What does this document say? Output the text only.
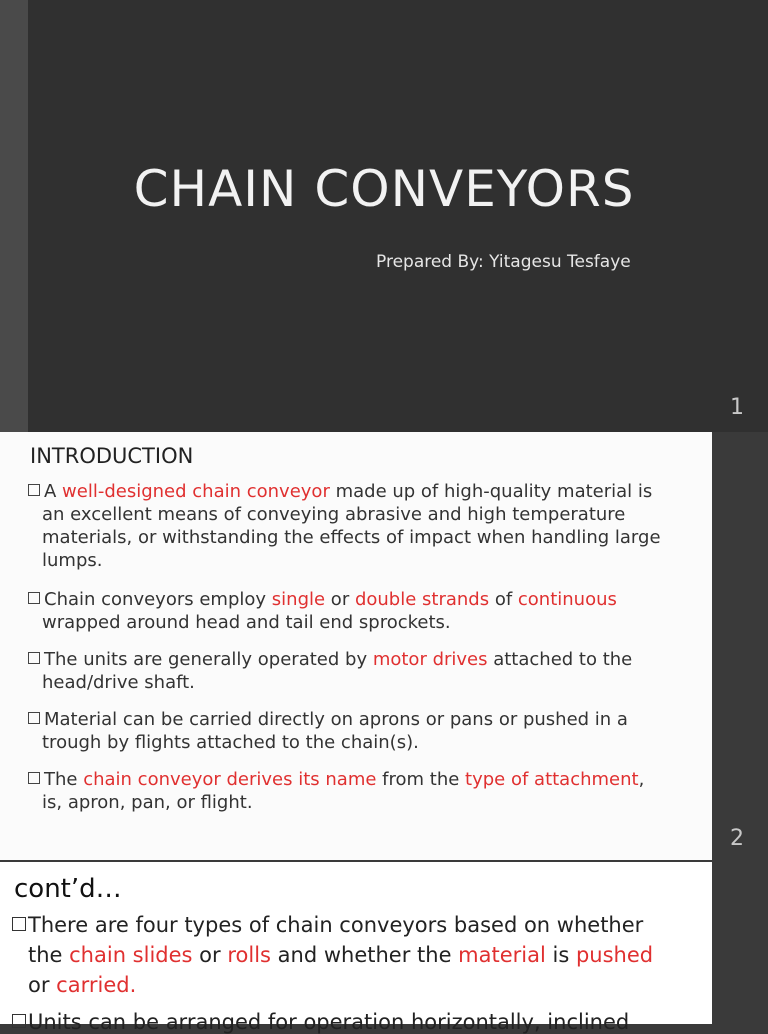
CHAIN CONVEYORS
Prepared By: Yitagesu Tesfaye
1
INTRODUCTION
A well-designed chain conveyor made up of high-quality material is
an excellent means of conveying abrasive and high temperature
materials, or withstanding the effects of impact when handling large
lumps.
Chain conveyors employ single or double strands of continuous
wrapped around head and tail end sprockets.
The units are generally operated by motor drives attached to the
head/drive shaft.
Material can be carried directly on aprons or pans or pushed in a
trough by flights attached to the chain(s).
The chain conveyor derives its name from the type of attachment,
is, apron, pan, or flight.
2
cont’d…
There are four types of chain conveyors based on whether
the chain slides or rolls and whether the material is pushed
or carried.
Units can be arranged for operation horizontally, inclined
